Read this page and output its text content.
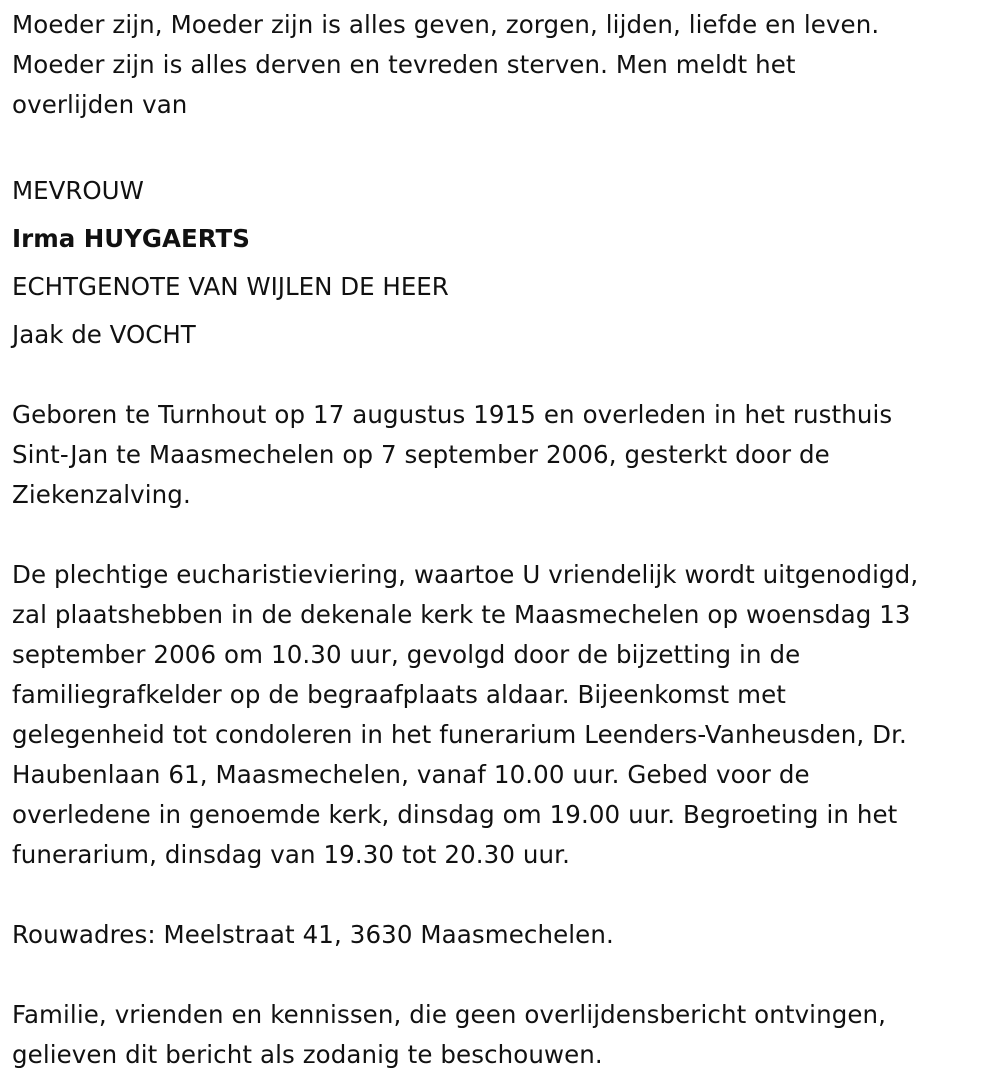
Moeder zijn, Moeder zijn is alles geven, zorgen, lijden, liefde en leven.
Moeder zijn is alles derven en tevreden sterven. Men meldt het
overlijden van

MEVROUW
Irma HUYGAERTS
ECHTGENOTE VAN WIJLEN DE HEER
Jaak de VOCHT

Geboren te Turnhout op 17 augustus 1915 en overleden in het rusthuis
Sint-Jan te Maasmechelen op 7 september 2006, gesterkt door de
Ziekenzalving.

De plechtige eucharistieviering, waartoe U vriendelijk wordt uitgenodigd,
zal plaatshebben in de dekenale kerk te Maasmechelen op woensdag 13
september 2006 om 10.30 uur, gevolgd door de bijzetting in de
familiegrafkelder op de begraafplaats aldaar. Bijeenkomst met
gelegenheid tot condoleren in het funerarium Leenders-Vanheusden, Dr.
Haubenlaan 61, Maasmechelen, vanaf 10.00 uur. Gebed voor de
overledene in genoemde kerk, dinsdag om 19.00 uur. Begroeting in het
funerarium, dinsdag van 19.30 tot 20.30 uur.

Rouwadres: Meelstraat 41, 3630 Maasmechelen.

Familie, vrienden en kennissen, die geen overlijdensbericht ontvingen,
gelieven dit bericht als zodanig te beschouwen.
